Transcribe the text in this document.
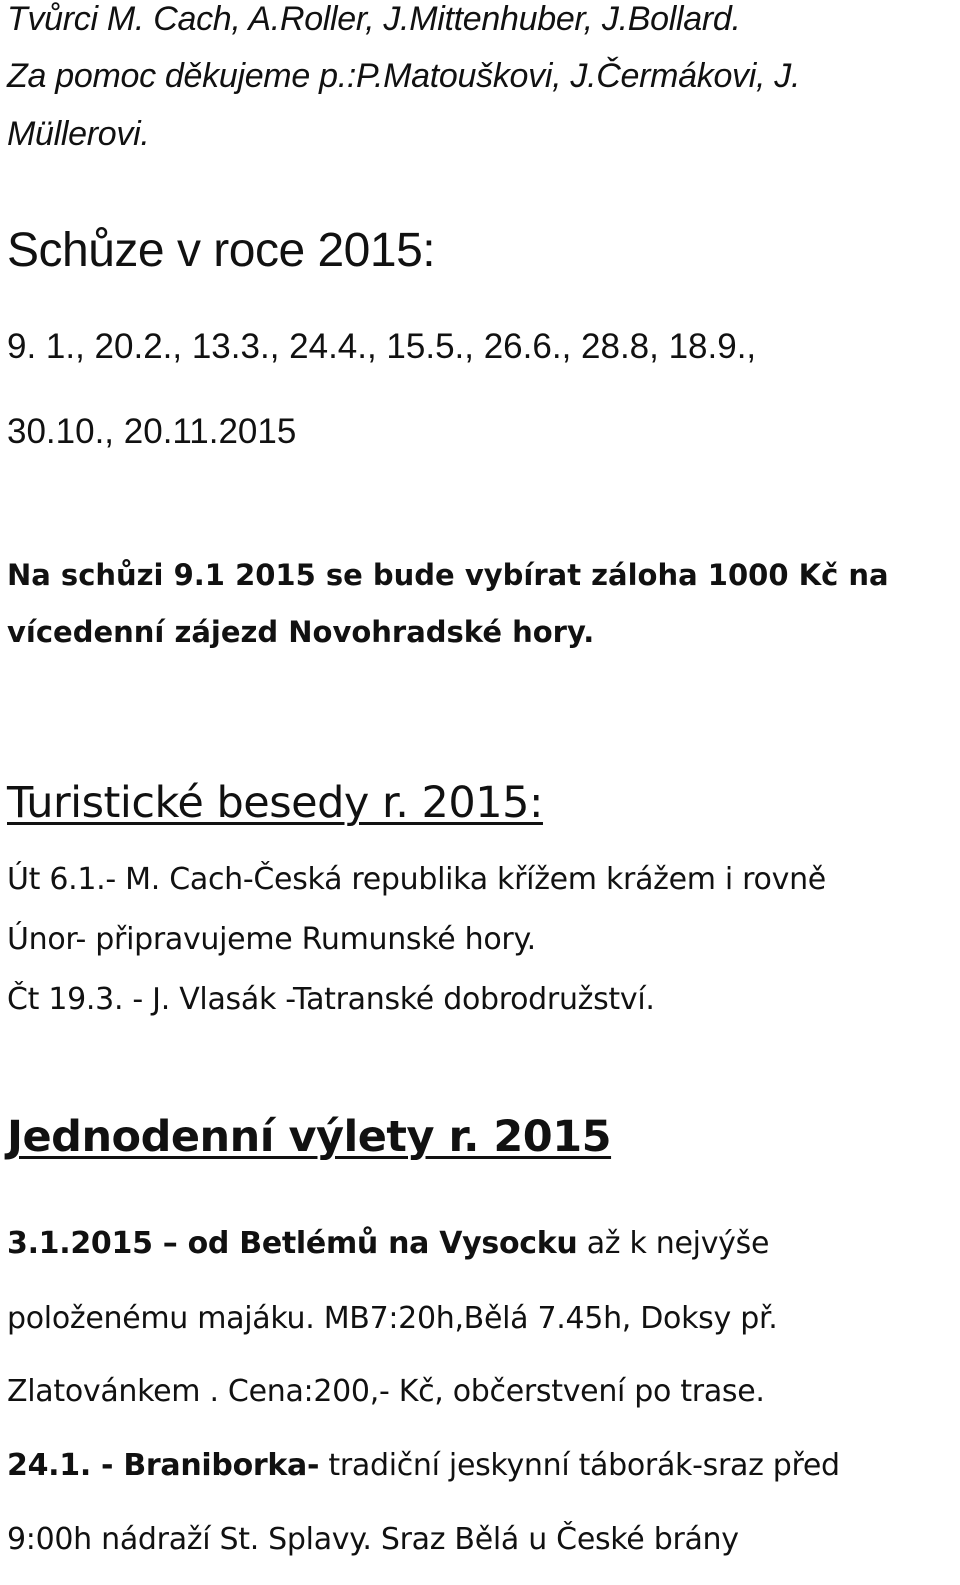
Tvůrci M. Cach, A.Roller, J.Mittenhuber, J.Bollard.

Za pomoc děkujeme p.:P.Matouškovi, J.Čermákovi, J.

Müllerovi.

Schůze v roce 2015:

9. 1., 20.2., 13.3., 24.4., 15.5., 26.6., 28.8, 18.9.,

30.10., 20.11.2015

Na schůzi 9.1 2015 se bude vybírat záloha 1000 Kč na

vícedenní zájezd Novohradské hory.

Turistické besedy r. 2015:

Út 6.1.- M. Cach-Česká republika křížem krážem i rovně

Únor- připravujeme Rumunské hory.

Čt 19.3. - J. Vlasák -Tatranské dobrodružství.

Jednodenní výlety r. 2015

3.1.2015 – od Betlémů na Vysocku až k nejvýše

položenému majáku. MB7:20h,Bělá 7.45h, Doksy př.

Zlatovánkem . Cena:200,- Kč, občerstvení po trase.

24.1. - Braniborka- tradiční jeskynní táborák-sraz před

9:00h nádraží St. Splavy. Sraz Bělá u České brány
